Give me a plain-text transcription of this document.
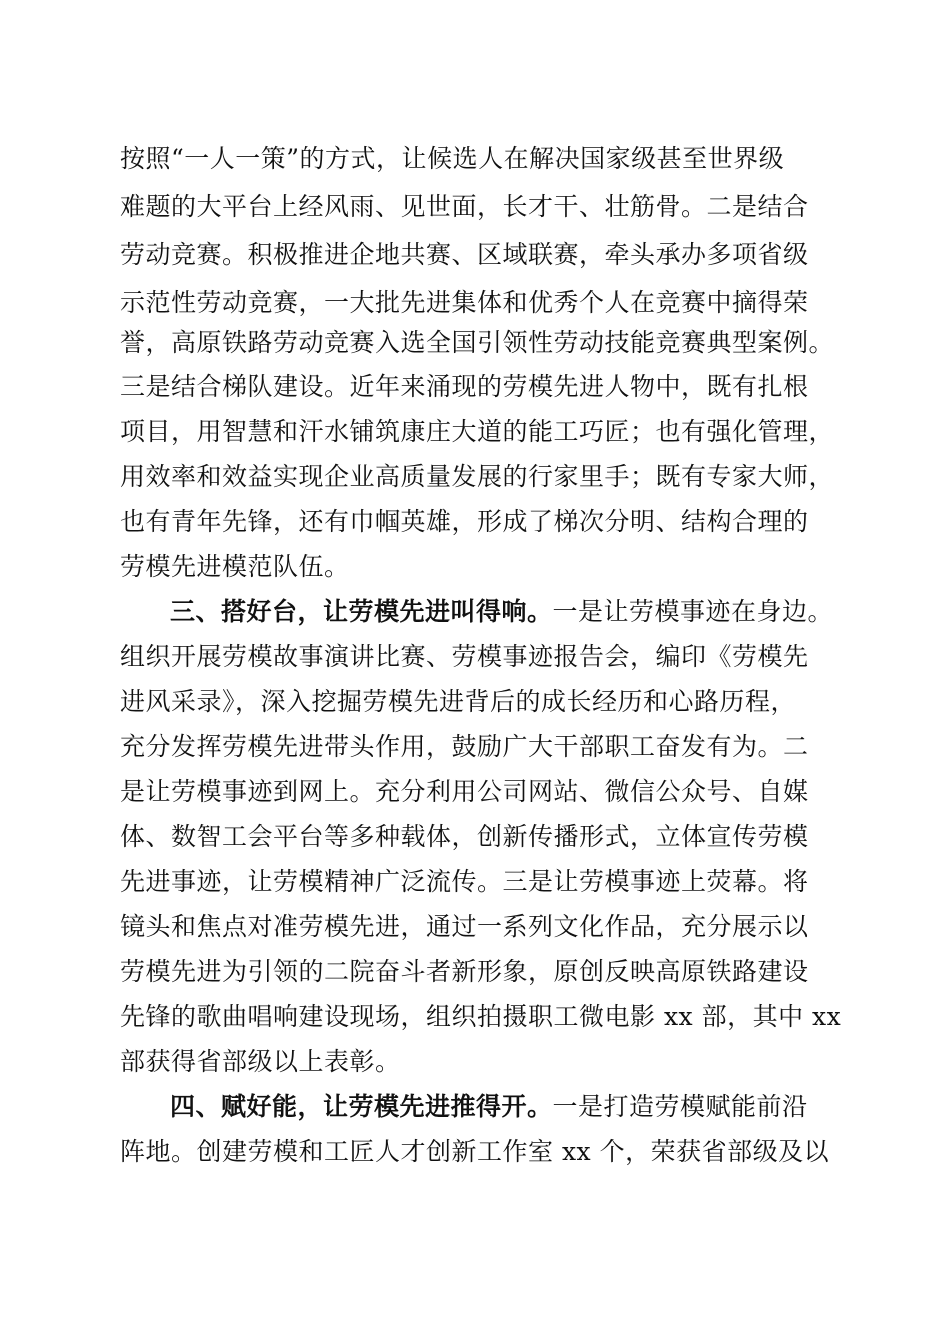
按照“一人一策”的方式，让候选人在解决国家级甚至世界级
难题的大平台上经风雨、见世面，长才干、壮筋骨。二是结合
劳动竞赛。积极推进企地共赛、区域联赛，牵头承办多项省级
示范性劳动竞赛，一大批先进集体和优秀个人在竞赛中摘得荣
誉，高原铁路劳动竞赛入选全国引领性劳动技能竞赛典型案例。
三是结合梯队建设。近年来涌现的劳模先进人物中，既有扎根
项目，用智慧和汗水铺筑康庄大道的能工巧匠；也有强化管理，
用效率和效益实现企业高质量发展的行家里手；既有专家大师，
也有青年先锋，还有巾帼英雄，形成了梯次分明、结构合理的
劳模先进模范队伍。
三、搭好台，让劳模先进叫得响。一是让劳模事迹在身边。
组织开展劳模故事演讲比赛、劳模事迹报告会，编印《劳模先
进风采录》，深入挖掘劳模先进背后的成长经历和心路历程，
充分发挥劳模先进带头作用，鼓励广大干部职工奋发有为。二
是让劳模事迹到网上。充分利用公司网站、微信公众号、自媒
体、数智工会平台等多种载体，创新传播形式，立体宣传劳模
先进事迹，让劳模精神广泛流传。三是让劳模事迹上荧幕。将
镜头和焦点对准劳模先进，通过一系列文化作品，充分展示以
劳模先进为引领的二院奋斗者新形象，原创反映高原铁路建设
先锋的歌曲唱响建设现场，组织拍摄职工微电影 xx 部，其中 xx
部获得省部级以上表彰。
四、赋好能，让劳模先进推得开。一是打造劳模赋能前沿
阵地。创建劳模和工匠人才创新工作室 xx 个，荣获省部级及以
